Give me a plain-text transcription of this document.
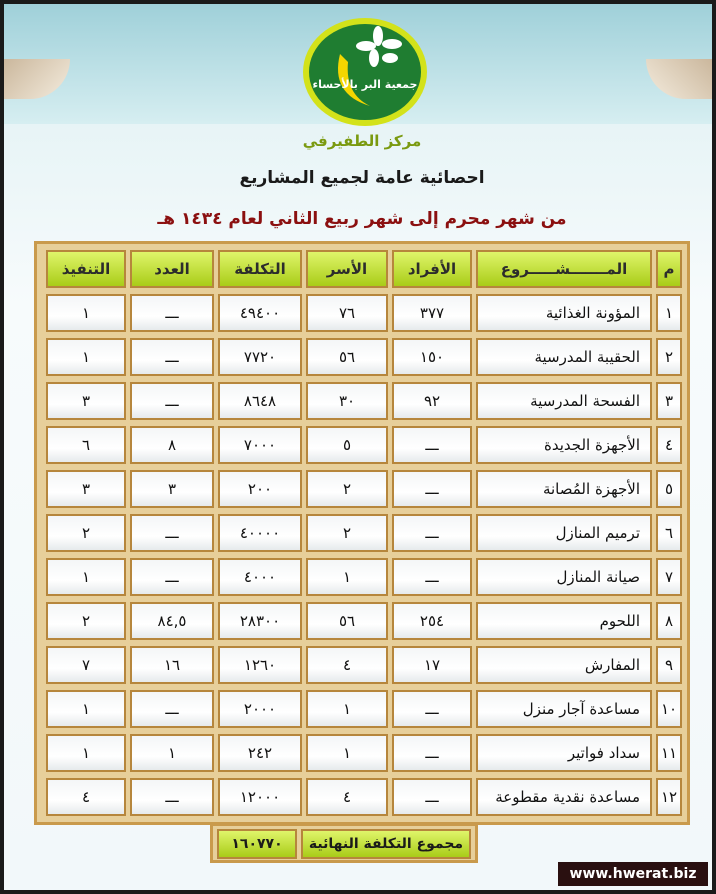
جمعية البر بالأحساء
مركز الطفيرفي
احصائية عامة لجميع المشاريع
من شهر محرم إلى شهر ربيع الثاني لعام ١٤٣٤ هـ
م
المـــــــشـــــروع
الأفراد
الأسر
التكلفة
العدد
التنفيذ
١
المؤونة الغذائية
٣٧٧
٧٦
٤٩٤٠٠
ـــ
١
٢
الحقيبة المدرسية
١٥٠
٥٦
٧٧٢٠
ـــ
١
٣
الفسحة المدرسية
٩٢
٣٠
٨٦٤٨
ـــ
٣
٤
الأجهزة الجديدة
ـــ
٥
٧٠٠٠
٨
٦
٥
الأجهزة المُصانة
ـــ
٢
٢٠٠
٣
٣
٦
ترميم المنازل
ـــ
٢
٤٠٠٠٠
ـــ
٢
٧
صيانة المنازل
ـــ
١
٤٠٠٠
ـــ
١
٨
اللحوم
٢٥٤
٥٦
٢٨٣٠٠
٨٤,٥
٢
٩
المفارش
١٧
٤
١٢٦٠
١٦
٧
١٠
مساعدة آجار منزل
ـــ
١
٢٠٠٠
ـــ
١
١١
سداد فواتير
ـــ
١
٢٤٢
١
١
١٢
مساعدة نقدية مقطوعة
ـــ
٤
١٢٠٠٠
ـــ
٤
مجموع التكلفة النهائية
١٦٠٧٧٠
www.hwerat.biz
